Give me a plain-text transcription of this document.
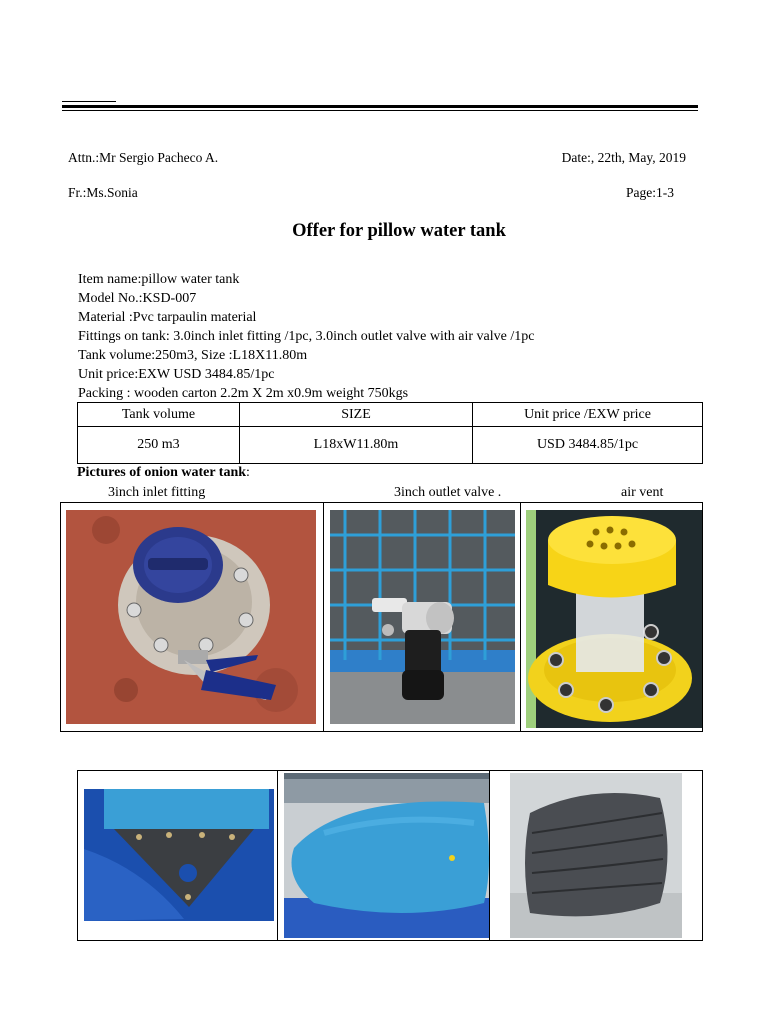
Attn.:Mr Sergio Pacheco A.	Date:, 22th, May, 2019
Fr.:Ms.Sonia	Page:1-3
Offer for pillow water tank
Item name:pillow water tank
Model No.:KSD-007
Material :Pvc tarpaulin material
Fittings on tank: 3.0inch inlet fitting /1pc, 3.0inch outlet valve with air valve /1pc
Tank volume:250m3, Size :L18X11.80m
Unit price:EXW USD 3484.85/1pc
Packing : wooden carton 2.2m X 2m x0.9m weight 750kgs
Tank volume	SIZE	Unit price /EXW price
250 m3	L18xW11.80m	USD 3484.85/1pc
Pictures of onion water tank:
3inch inlet fitting	3inch outlet valve .	air vent
